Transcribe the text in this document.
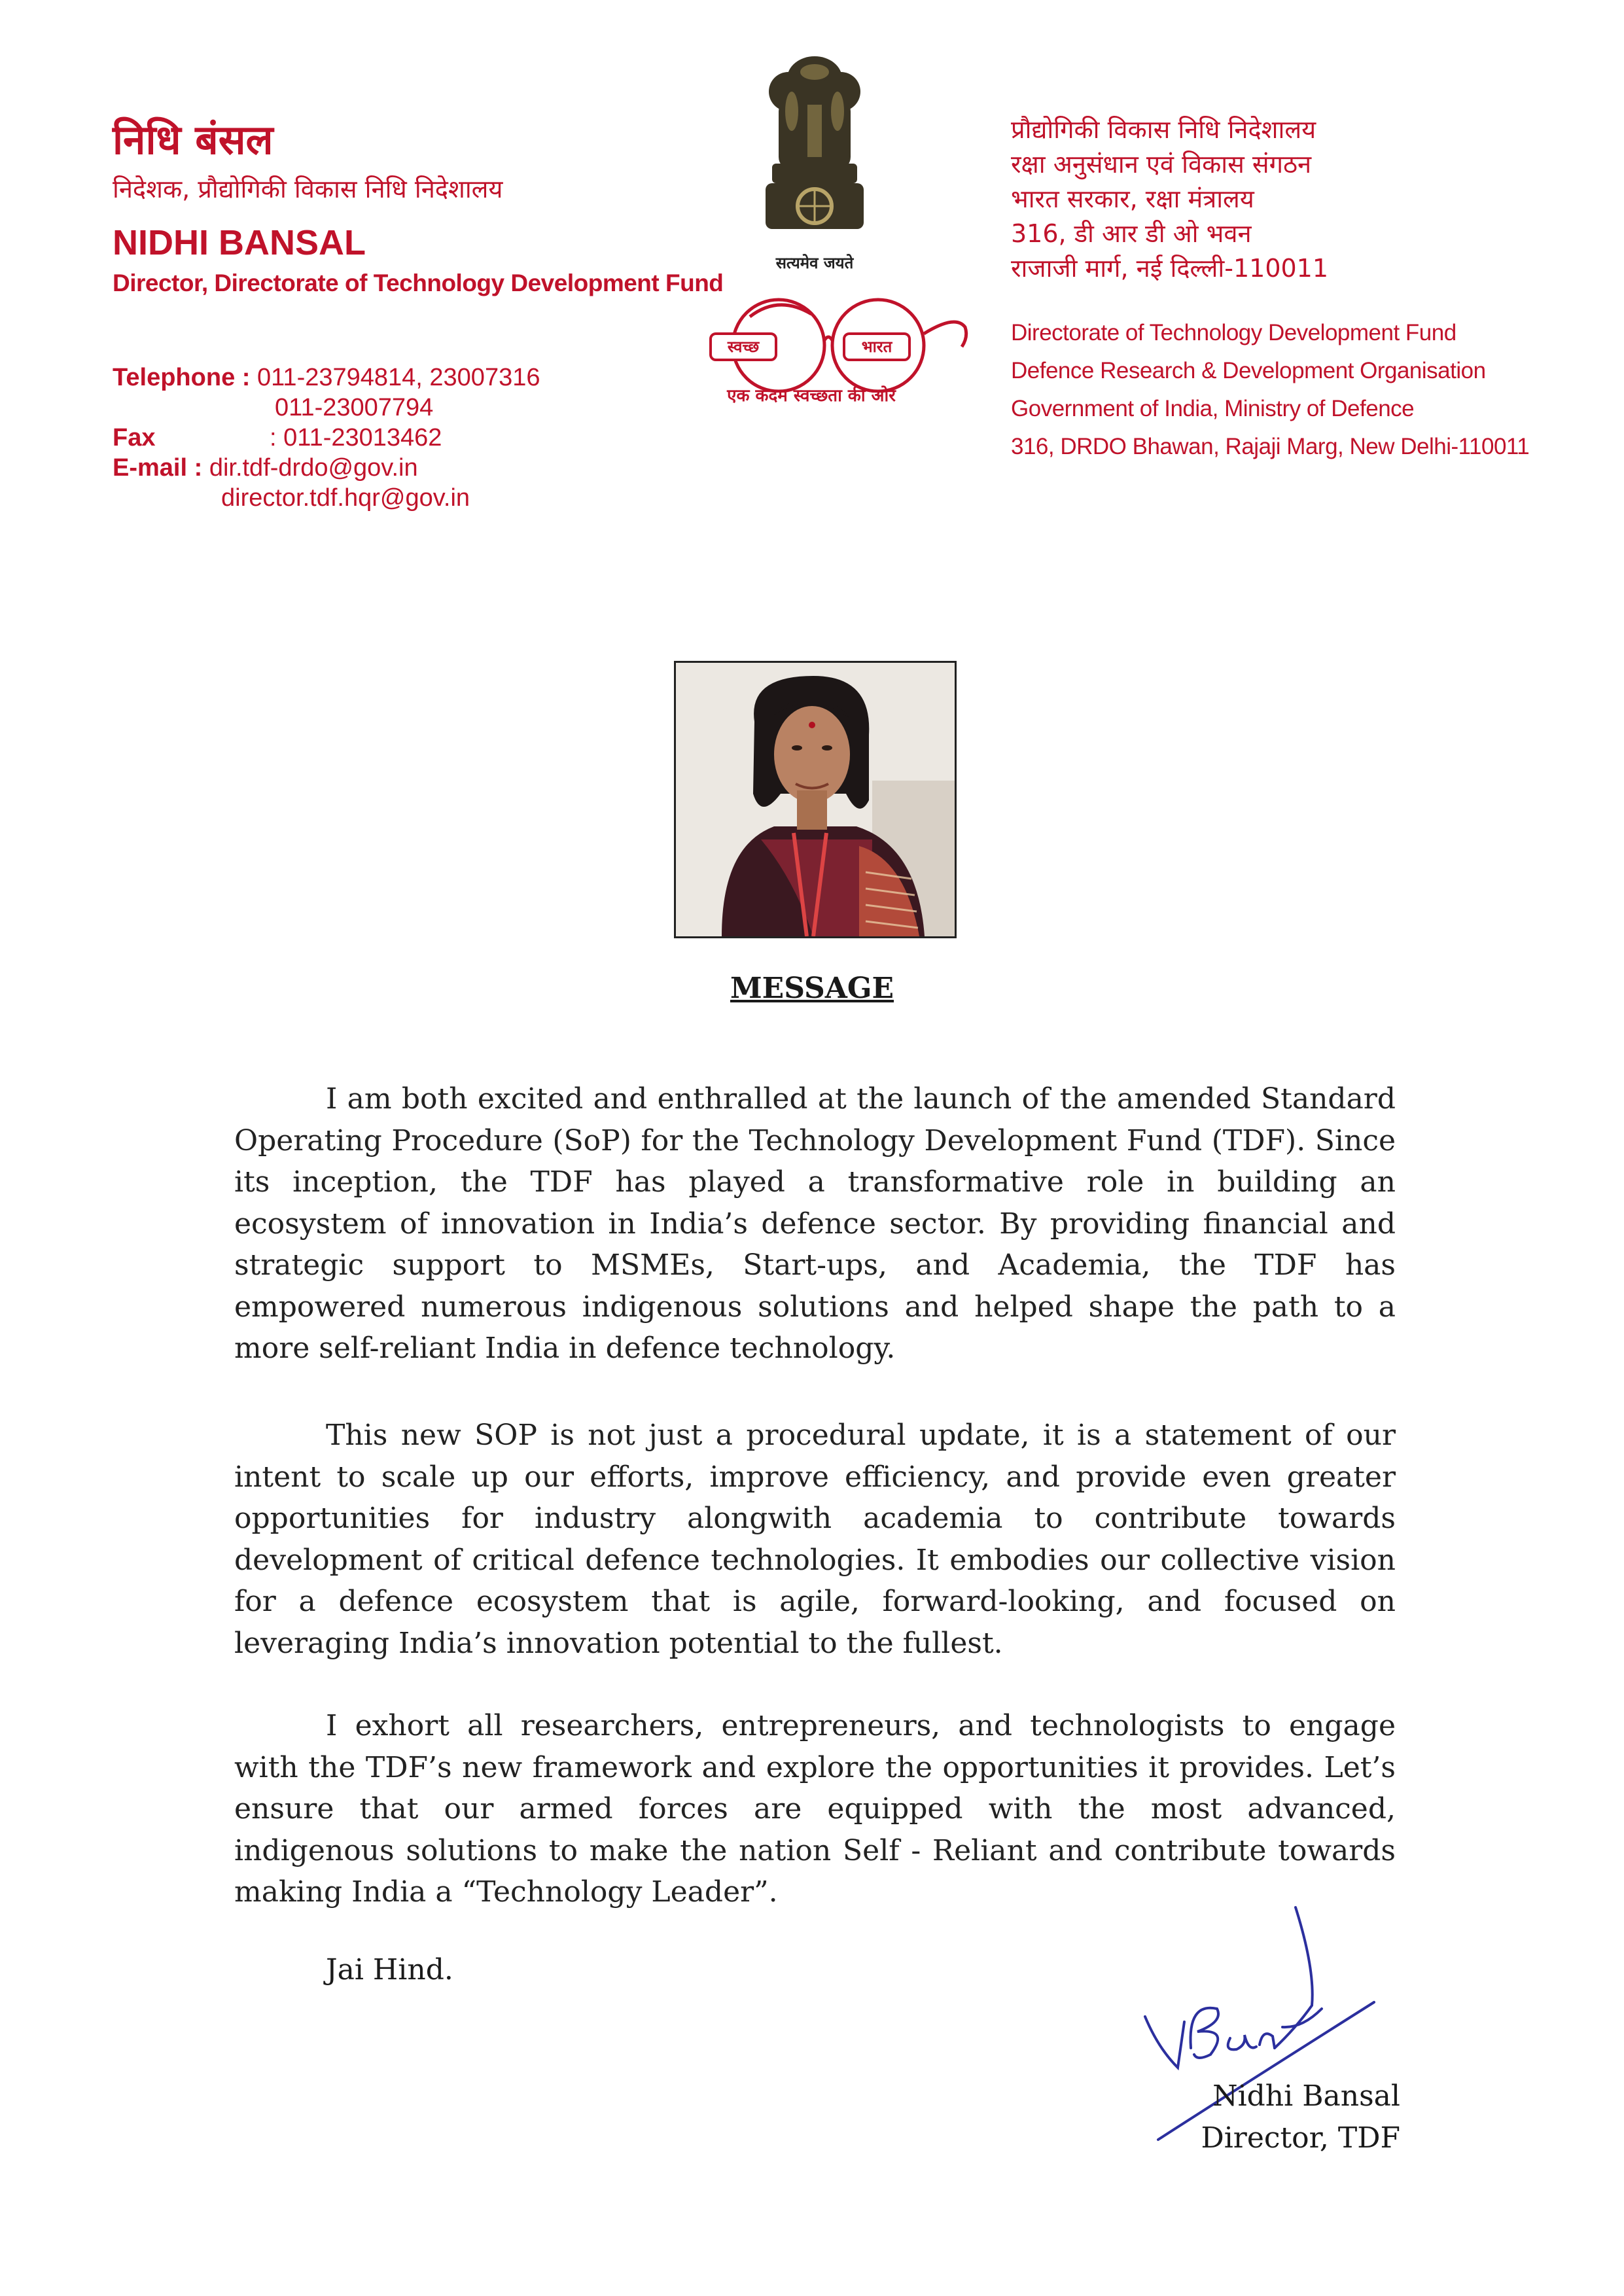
निधि बंसल
निदेशक, प्रौद्योगिकी विकास निधि निदेशालय
NIDHI BANSAL
Director, Directorate of Technology Development Fund
Telephone : 011-23794814, 23007316
011-23007794
Fax	: 011-23013462
E-mail : dir.tdf-drdo@gov.in
director.tdf.hqr@gov.in
सत्यमेव जयते
स्वच्छ	भारत
एक कदम स्वच्छता की ओर
प्रौद्योगिकी विकास निधि निदेशालय
रक्षा अनुसंधान एवं विकास संगठन
भारत सरकार, रक्षा मंत्रालय
316, डी आर डी ओ भवन
राजाजी मार्ग, नई दिल्ली-110011
Directorate of Technology Development Fund
Defence Research & Development Organisation
Government of India, Ministry of Defence
316, DRDO Bhawan, Rajaji Marg, New Delhi-110011
MESSAGE

I am both excited and enthralled at the launch of the amended Standard Operating Procedure (SoP) for the Technology Development Fund (TDF). Since its inception, the TDF has played a transformative role in building an ecosystem of innovation in India’s defence sector. By providing financial and strategic support to MSMEs, Start-ups, and Academia, the TDF has empowered numerous indigenous solutions and helped shape the path to a more self-reliant India in defence technology.

This new SOP is not just a procedural update, it is a statement of our intent to scale up our efforts, improve efficiency, and provide even greater opportunities for industry alongwith academia to contribute towards development of critical defence technologies. It embodies our collective vision for a defence ecosystem that is agile, forward-looking, and focused on leveraging India’s innovation potential to the fullest.

I exhort all researchers, entrepreneurs, and technologists to engage with the TDF’s new framework and explore the opportunities it provides. Let’s ensure that our armed forces are equipped with the most advanced, indigenous solutions to make the nation Self - Reliant and contribute towards making India a “Technology Leader”.

Jai Hind.
Nidhi Bansal
Director, TDF
